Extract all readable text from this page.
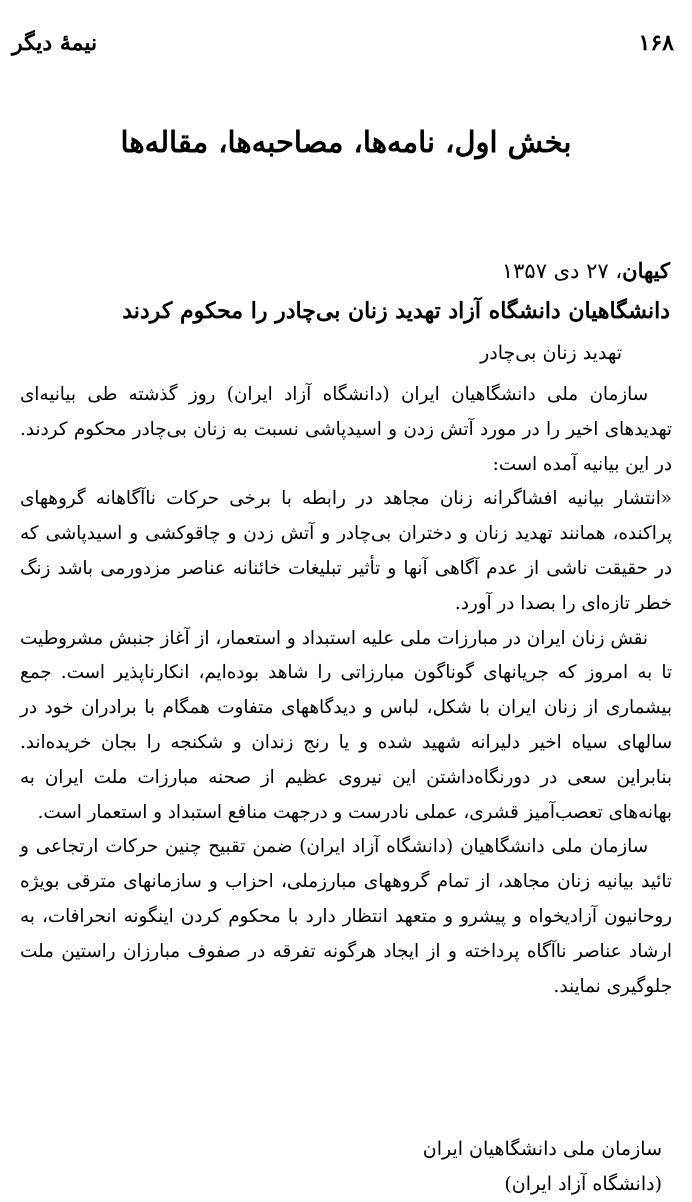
نیمهٔ دیگر	۱۶۸
بخش اول، نامه‌ها، مصاحبه‌ها، مقاله‌ها
کیهان، ۲۷ دی ۱۳۵۷
دانشگاهیان دانشگاه آزاد تهدید زنان بی‌چادر را محکوم کردند
تهدید زنان بی‌چادر

سازمان ملی دانشگاهیان ایران (دانشگاه آزاد ایران) روز گذشته طی بیانیه‌ای تهدیدهای اخیر را در مورد آتش زدن و اسیدپاشی نسبت به زنان بی‌چادر محکوم کردند. در این بیانیه آمده است:

«انتشار بیانیه افشاگرانه زنان مجاهد در رابطه با برخی حرکات ناآگاهانه گروههای پراکنده، همانند تهدید زنان و دختران بی‌چادر و آتش زدن و چاقوکشی و اسیدپاشی که در حقیقت ناشی از عدم آگاهی آنها و تأثیر تبلیغات خائنانه عناصر مزدورمی باشد زنگ خطر تازه‌ای را بصدا در آورد.

نقش زنان ایران در مبارزات ملی علیه استبداد و استعمار، از آغاز جنبش مشروطیت تا به امروز که جریانهای گوناگون مبارزاتی را شاهد بوده‌ایم، انکارناپذیر است. جمع بیشماری از زنان ایران با شکل، لباس و دیدگاههای متفاوت همگام با برادران خود در سالهای سیاه اخیر دلیرانه شهید شده و یا رنج زندان و شکنجه را بجان خریده‌اند. بنابراین سعی در دورنگاه‌داشتن این نیروی عظیم از صحنه مبارزات ملت ایران به بهانه‌های تعصب‌آمیز قشری، عملی نادرست و درجهت منافع استبداد و استعمار است.

سازمان ملی دانشگاهیان (دانشگاه آزاد ایران) ضمن تقبیح چنین حرکات ارتجاعی و تائید بیانیه زنان مجاهد، از تمام گروههای مبارزملی، احزاب و سازمانهای مترقی بویژه روحانیون آزادیخواه و پیشرو و متعهد انتظار دارد با محکوم کردن اینگونه انحرافات، به ارشاد عناصر ناآگاه پرداخته و از ایجاد هرگونه تفرقه در صفوف مبارزان راستین ملت جلوگیری نمایند.

سازمان ملی دانشگاهیان ایران
(دانشگاه آزاد ایران)
